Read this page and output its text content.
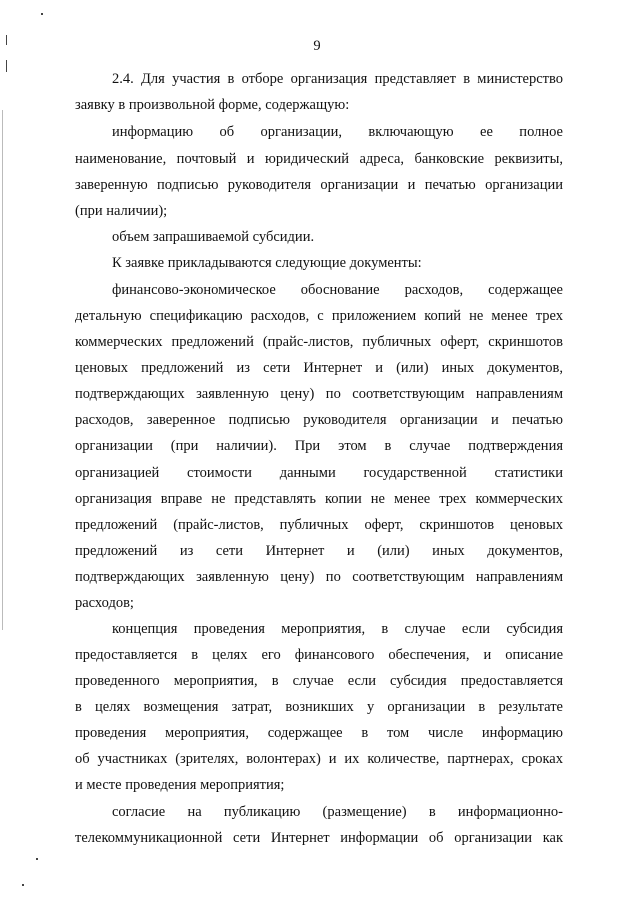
9
2.4. Для участия в отборе организация представляет в министерство
заявку в произвольной форме, содержащую:
информацию об организации, включающую ее полное
наименование, почтовый и юридический адреса, банковские реквизиты,
заверенную подписью руководителя организации и печатью организации
(при наличии);
объем запрашиваемой субсидии.
К заявке прикладываются следующие документы:
финансово-экономическое обоснование расходов, содержащее
детальную спецификацию расходов, с приложением копий не менее трех
коммерческих предложений (прайс-листов, публичных оферт, скриншотов
ценовых предложений из сети Интернет и (или) иных документов,
подтверждающих заявленную цену) по соответствующим направлениям
расходов, заверенное подписью руководителя организации и печатью
организации (при наличии). При этом в случае подтверждения
организацией стоимости данными государственной статистики
организация вправе не представлять копии не менее трех коммерческих
предложений (прайс-листов, публичных оферт, скриншотов ценовых
предложений из сети Интернет и (или) иных документов,
подтверждающих заявленную цену) по соответствующим направлениям
расходов;
концепция проведения мероприятия, в случае если субсидия
предоставляется в целях его финансового обеспечения, и описание
проведенного мероприятия, в случае если субсидия предоставляется
в целях возмещения затрат, возникших у организации в результате
проведения мероприятия, содержащее в том числе информацию
об участниках (зрителях, волонтерах) и их количестве, партнерах, сроках
и месте проведения мероприятия;
согласие на публикацию (размещение) в информационно-
телекоммуникационной сети Интернет информации об организации как
